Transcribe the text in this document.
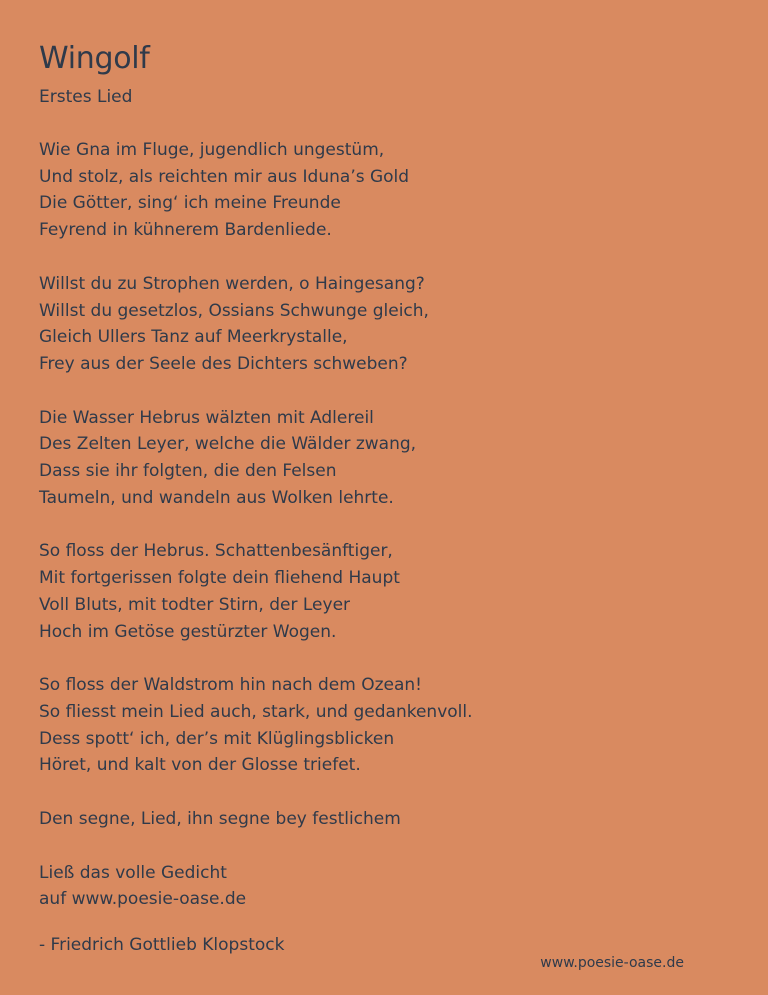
Wingolf
Erstes Lied
Wie Gna im Fluge, jugendlich ungestüm,
Und stolz, als reichten mir aus Iduna’s Gold
Die Götter, sing‘ ich meine Freunde
Feyrend in kühnerem Bardenliede.
Willst du zu Strophen werden, o Haingesang?
Willst du gesetzlos, Ossians Schwunge gleich,
Gleich Ullers Tanz auf Meerkrystalle,
Frey aus der Seele des Dichters schweben?
Die Wasser Hebrus wälzten mit Adlereil
Des Zelten Leyer, welche die Wälder zwang,
Dass sie ihr folgten, die den Felsen
Taumeln, und wandeln aus Wolken lehrte.
So floss der Hebrus. Schattenbesänftiger,
Mit fortgerissen folgte dein fliehend Haupt
Voll Bluts, mit todter Stirn, der Leyer
Hoch im Getöse gestürzter Wogen.
So floss der Waldstrom hin nach dem Ozean!
So fliesst mein Lied auch, stark, und gedankenvoll.
Dess spott‘ ich, der’s mit Klüglingsblicken
Höret, und kalt von der Glosse triefet.
Den segne, Lied, ihn segne bey festlichem
Ließ das volle Gedicht
auf www.poesie-oase.de
- Friedrich Gottlieb Klopstock
www.poesie-oase.de
